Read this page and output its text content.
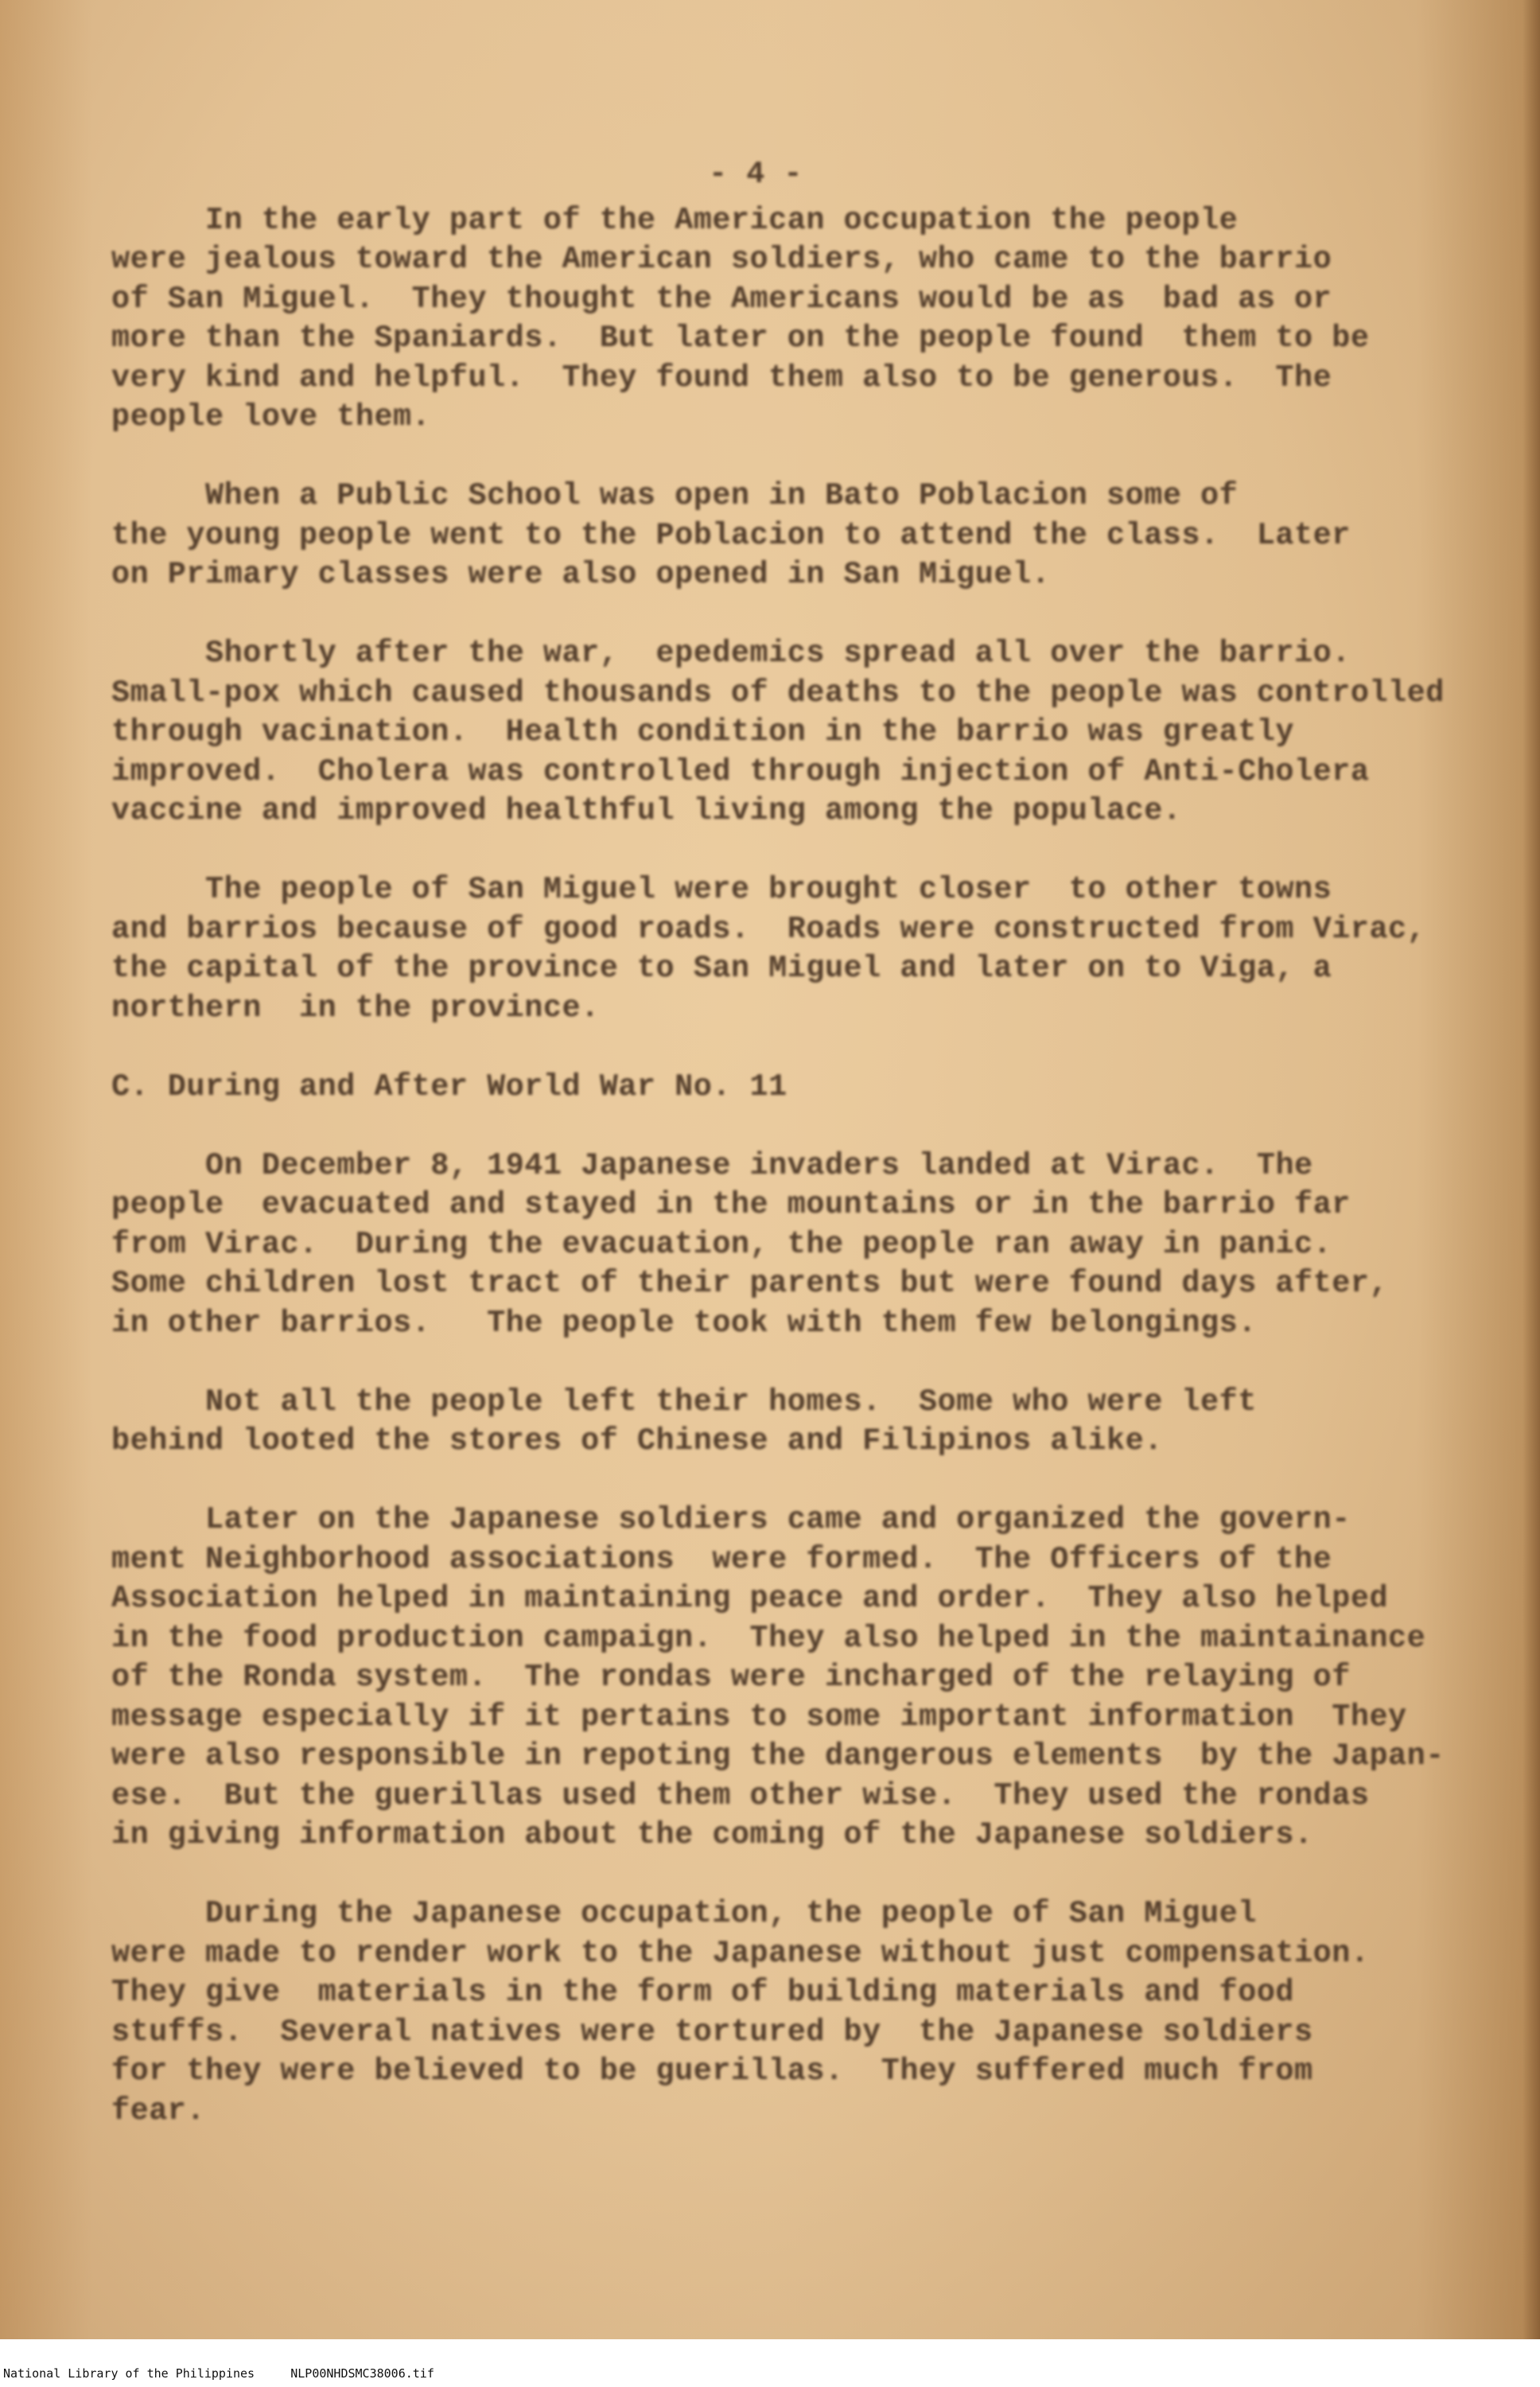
- 4 -
In the early part of the American occupation the people
were jealous toward the American soldiers, who came to the barrio
of San Miguel.  They thought the Americans would be as  bad as or
more than the Spaniards.  But later on the people found  them to be
very kind and helpful.  They found them also to be generous.  The
people love them.
When a Public School was open in Bato Poblacion some of
the young people went to the Poblacion to attend the class.  Later
on Primary classes were also opened in San Miguel.
Shortly after the war,  epedemics spread all over the barrio.
Small-pox which caused thousands of deaths to the people was controlled
through vacination.  Health condition in the barrio was greatly
improved.  Cholera was controlled through injection of Anti-Cholera
vaccine and improved healthful living among the populace.
The people of San Miguel were brought closer  to other towns
and barrios because of good roads.  Roads were constructed from Virac,
the capital of the province to San Miguel and later on to Viga, a
northern  in the province.
C. During and After World War No. 11
On December 8, 1941 Japanese invaders landed at Virac.  The
people  evacuated and stayed in the mountains or in the barrio far
from Virac.  During the evacuation, the people ran away in panic.
Some children lost tract of their parents but were found days after,
in other barrios.   The people took with them few belongings.
Not all the people left their homes.  Some who were left
behind looted the stores of Chinese and Filipinos alike.
Later on the Japanese soldiers came and organized the govern-
ment Neighborhood associations  were formed.  The Officers of the
Association helped in maintaining peace and order.  They also helped
in the food production campaign.  They also helped in the maintainance
of the Ronda system.  The rondas were incharged of the relaying of
message especially if it pertains to some important information  They
were also responsible in repoting the dangerous elements  by the Japan-
ese.  But the guerillas used them other wise.  They used the rondas
in giving information about the coming of the Japanese soldiers.
During the Japanese occupation, the people of San Miguel
were made to render work to the Japanese without just compensation.
They give  materials in the form of building materials and food
stuffs.  Several natives were tortured by  the Japanese soldiers
for they were believed to be guerillas.  They suffered much from
fear.
National Library of the Philippines     NLP00NHDSMC38006.tif
